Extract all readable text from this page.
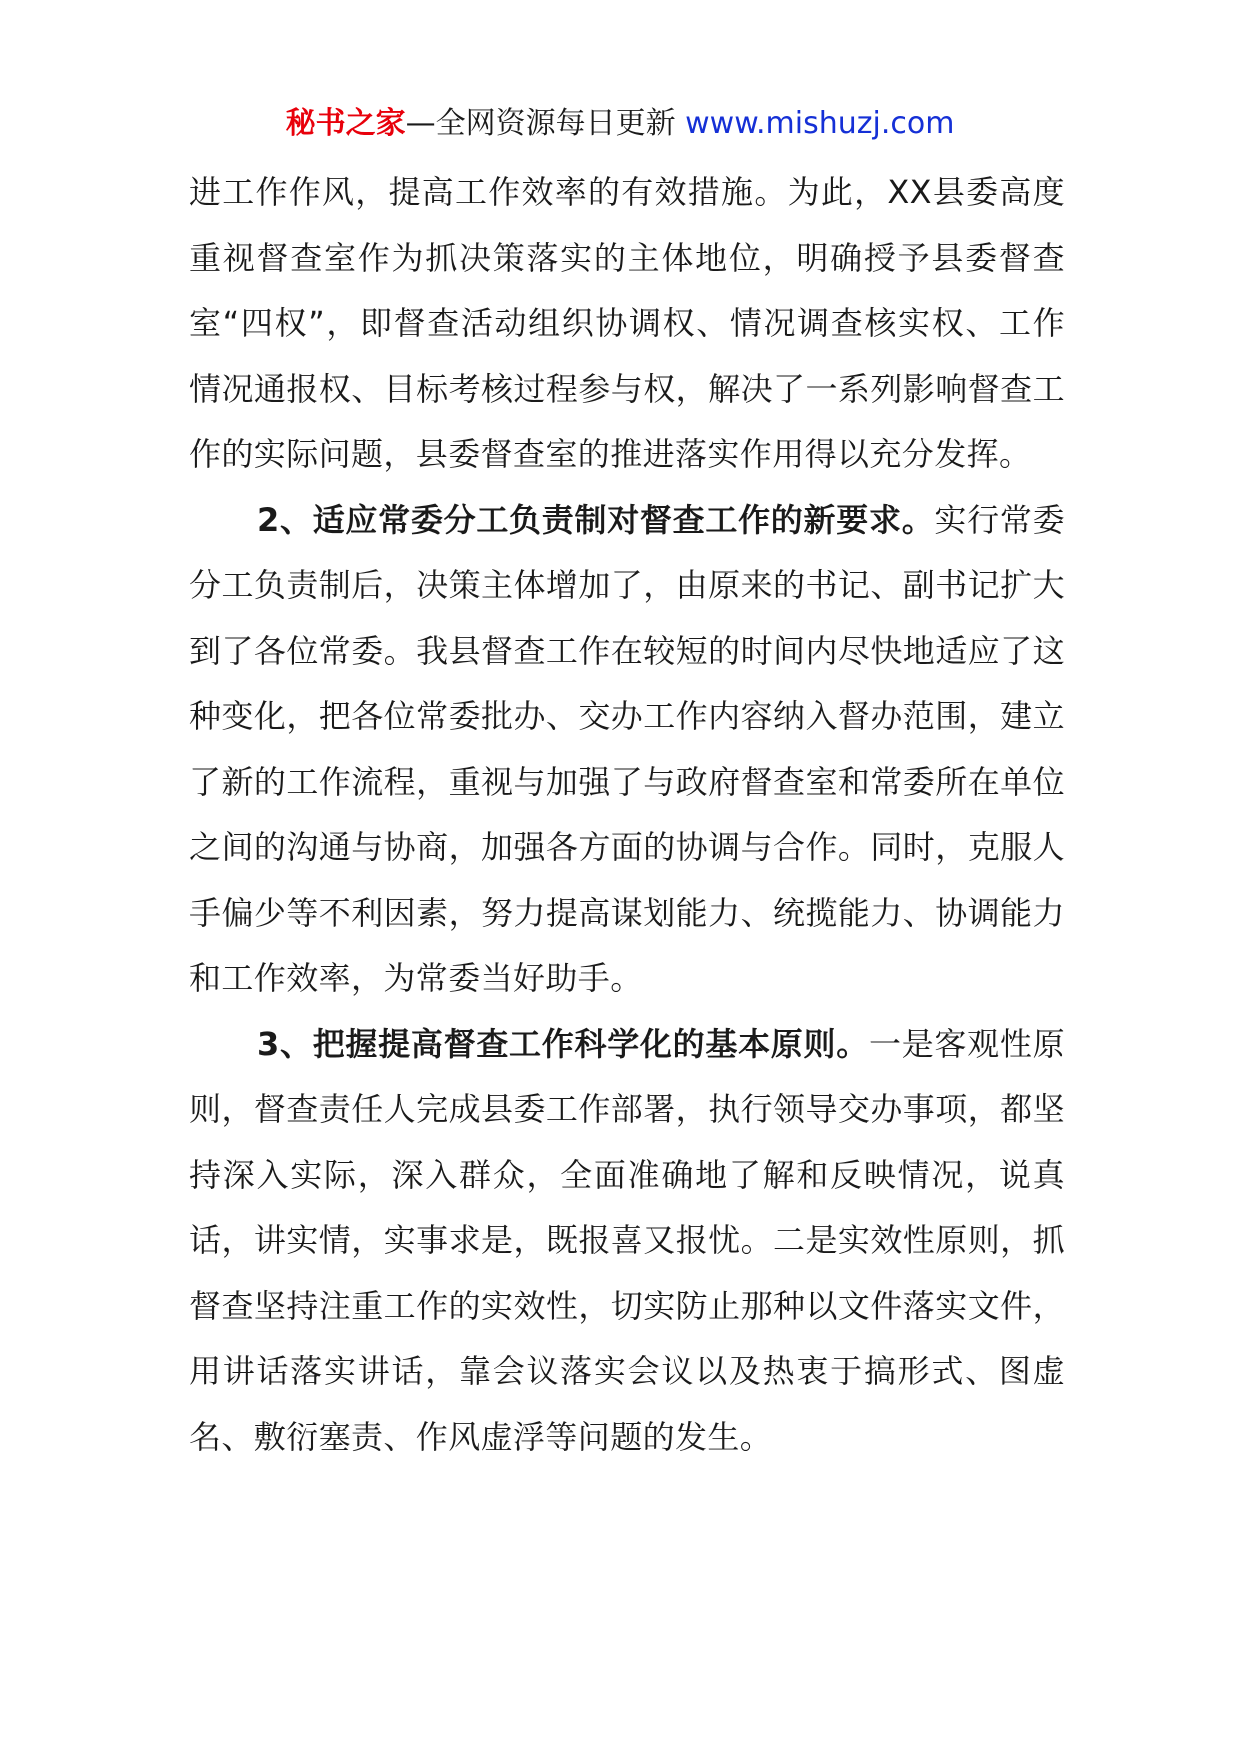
秘书之家—全网资源每日更新 www.mishuzj.com

进工作作风，提高工作效率的有效措施。为此，XX县委高度重视督查室作为抓决策落实的主体地位，明确授予县委督查室“四权”，即督查活动组织协调权、情况调查核实权、工作情况通报权、目标考核过程参与权，解决了一系列影响督查工作的实际问题，县委督查室的推进落实作用得以充分发挥。

2、适应常委分工负责制对督查工作的新要求。实行常委分工负责制后，决策主体增加了，由原来的书记、副书记扩大到了各位常委。我县督查工作在较短的时间内尽快地适应了这种变化，把各位常委批办、交办工作内容纳入督办范围，建立了新的工作流程，重视与加强了与政府督查室和常委所在单位之间的沟通与协商，加强各方面的协调与合作。同时，克服人手偏少等不利因素，努力提高谋划能力、统揽能力、协调能力和工作效率，为常委当好助手。

3、把握提高督查工作科学化的基本原则。一是客观性原则，督查责任人完成县委工作部署，执行领导交办事项，都坚持深入实际，深入群众，全面准确地了解和反映情况，说真话，讲实情，实事求是，既报喜又报忧。二是实效性原则，抓督查坚持注重工作的实效性，切实防止那种以文件落实文件，用讲话落实讲话，靠会议落实会议以及热衷于搞形式、图虚名、敷衍塞责、作风虚浮等问题的发生。
